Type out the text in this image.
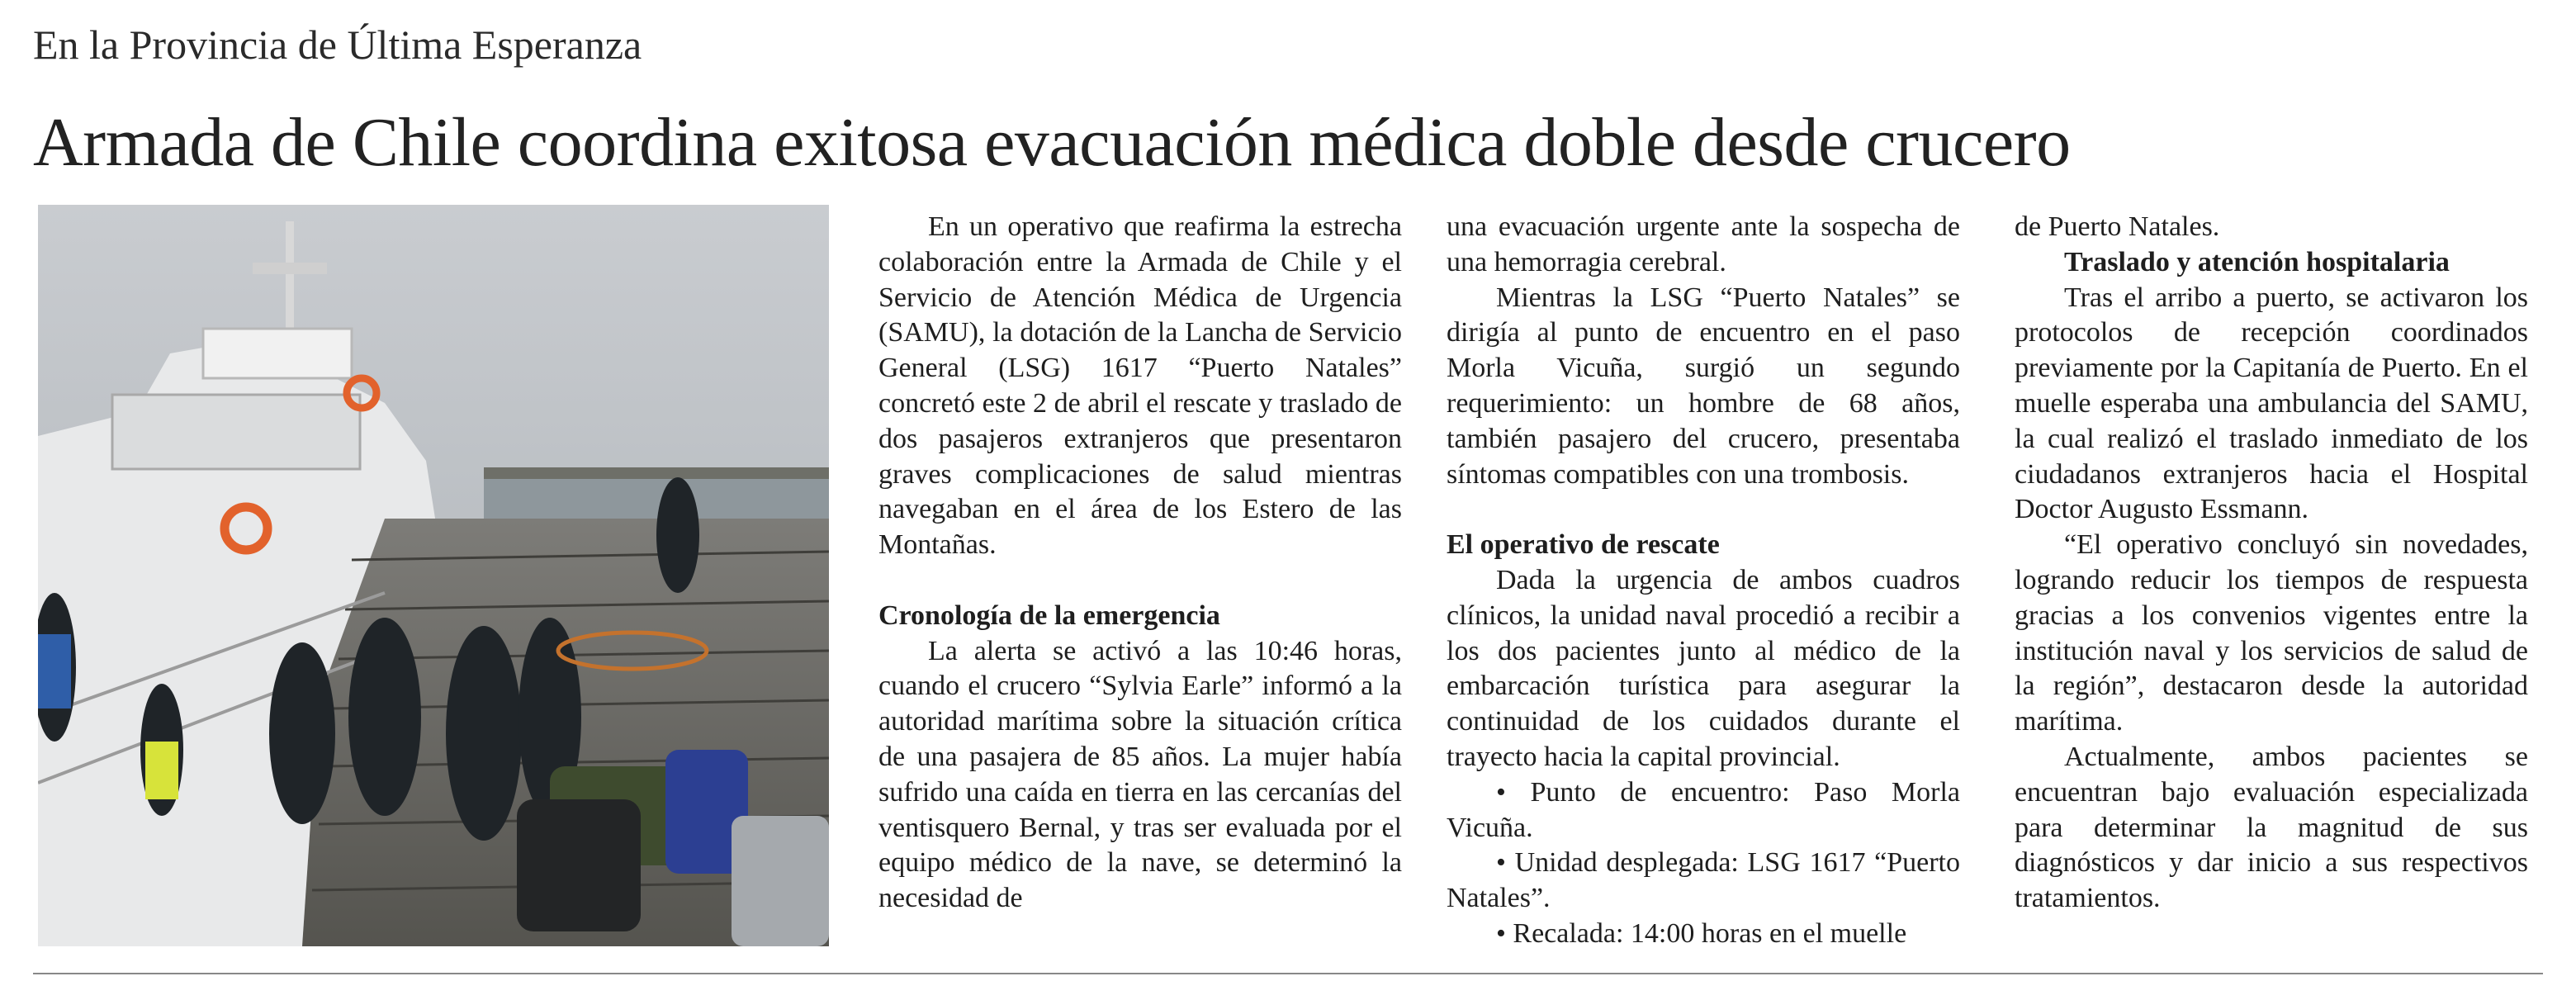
En la Provincia de Última Esperanza
Armada de Chile coordina exitosa evacuación médica doble desde crucero

En un operativo que reafirma la estrecha colaboración entre la Armada de Chile y el Servicio de Atención Médica de Urgencia (SAMU), la dotación de la Lancha de Servicio General (LSG) 1617 “Puerto Natales” concretó este 2 de abril el rescate y traslado de dos pasajeros extranjeros que presentaron graves complicaciones de salud mientras navegaban en el área de los Estero de las Montañas.

Cronología de la emergencia

La alerta se activó a las 10:46 horas, cuando el crucero “Sylvia Earle” informó a la autoridad marítima sobre la situación crítica de una pasajera de 85 años. La mujer había sufrido una caída en tierra en las cercanías del ventisquero Bernal, y tras ser evaluada por el equipo médico de la nave, se determinó la necesidad de

una evacuación urgente ante la sospecha de una hemorragia cerebral.

Mientras la LSG “Puerto Natales” se dirigía al punto de encuentro en el paso Morla Vicuña, surgió un segundo requerimiento: un hombre de 68 años, también pasajero del crucero, presentaba síntomas compatibles con una trombosis.

El operativo de rescate

Dada la urgencia de ambos cuadros clínicos, la unidad naval procedió a recibir a los dos pacientes junto al médico de la embarcación turística para asegurar la continuidad de los cuidados durante el trayecto hacia la capital provincial.

• Punto de encuentro: Paso Morla Vicuña.

• Unidad desplegada: LSG 1617 “Puerto Natales”.

• Recalada: 14:00 horas en el muelle

de Puerto Natales.

Traslado y atención hospitalaria

Tras el arribo a puerto, se activaron los protocolos de recepción coordinados previamente por la Capitanía de Puerto. En el muelle esperaba una ambulancia del SAMU, la cual realizó el traslado inmediato de los ciudadanos extranjeros hacia el Hospital Doctor Augusto Essmann.

“El operativo concluyó sin novedades, logrando reducir los tiempos de respuesta gracias a los convenios vigentes entre la institución naval y los servicios de salud de la región”, destacaron desde la autoridad marítima.

Actualmente, ambos pacientes se encuentran bajo evaluación especializada para determinar la magnitud de sus diagnósticos y dar inicio a sus respectivos tratamientos.
